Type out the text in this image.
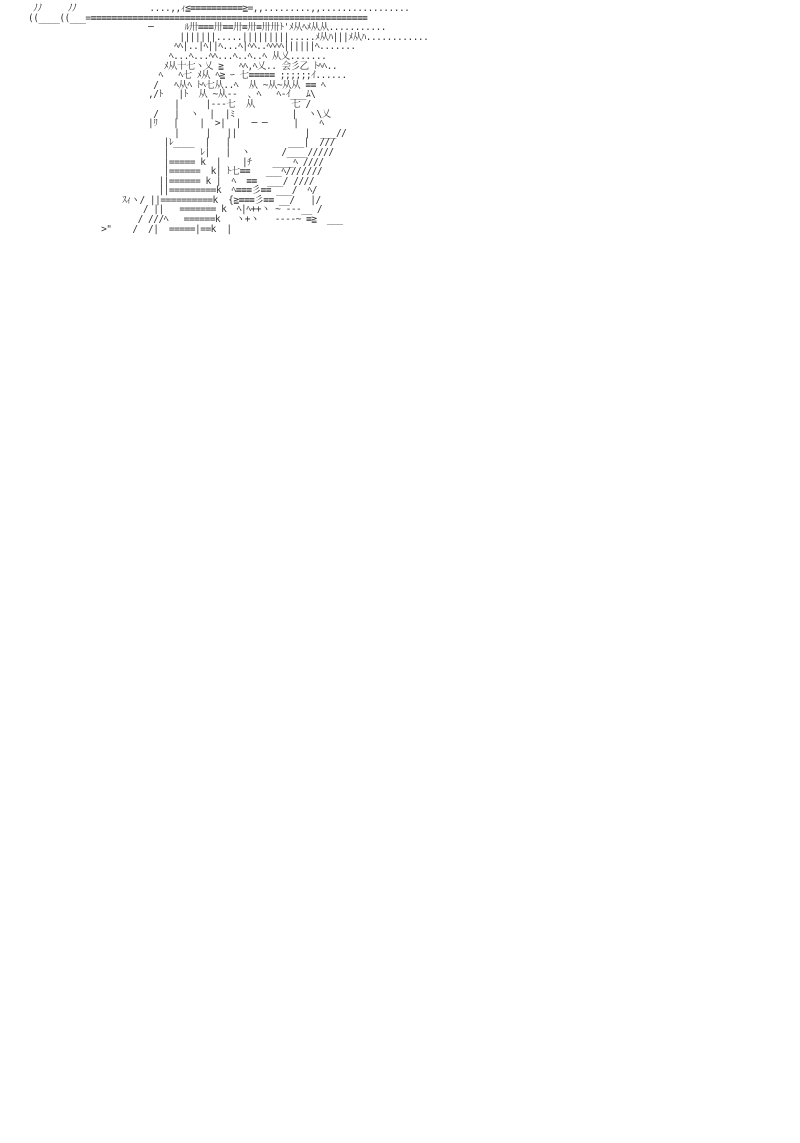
ﾉﾉ     ﾉﾉ              ....,,ｨ≦≡≡≡≡≡≡≡≡≡≡≧=,,.........,,.................
((____((___=≡≡≡≡≡≡≡≡≡≡≡≡≡≡≡≡≡≡≡≡≡≡≡≡≡≡≡≡≡≡≡≡≡≡≡≡≡≡≡≡≡≡≡≡≡≡≡≡≡≡≡≡≡
─      ﾙ卅≡≡≡卅≡≡卅≡卅≡卅卅ﾄ'ﾒ从ﾍﾒ从从...........
|||||||.....|||||||||.....ﾒ从ﾊ|||ﾒ从ﾊ............
ﾍﾍ|..|ﾍ||ﾍ...ﾍ|ﾍﾍ..ﾍﾍﾍﾍ||||||ﾍ.......
ﾍ...ﾍ...ﾍﾍ...ﾍ..ﾍ..ﾍ 从乂.......
ﾒ从十七ヽ乂 ≧   ﾍﾍ,ﾍ乂.. 会彡乙 ﾄﾍﾍ..
ﾍ   ﾍ七 ﾒ从 ﾍ≧ ｰ 七≡≡≡≡≡ ;;;;;;ｲ......
/   ﾍ从ﾍ ﾄﾍ七从..ﾍ  从 ~从~从从 ≡≡ ﾍ
,/ﾄ   |ﾄ  从 ~从--  、ﾍ   ﾍ-ｲ___ﾑ\
|     |---七  从       七 /
/   |  ヽ  |  |ﾐ           |  ヽ\乂
|ﾘ   |    |  >|  |  ─ ─     |    ﾍ
|     |   ||             |  ___//
|ﾚ____  |   |           ___|  ///
|      ﾚ|   |  ヽ      /____/////
|===== k  |    |ﾁ    ____ﾍ ////
|======  k| ﾄ七≡≡   ___ﾍ///////
||====== k |  ﾍ  ≡≡  ___/ ////
||=========k  ﾍ≡≡≡彡≡≡ ___/  ﾍ/
ｽｨヽ/ ||==========k  {≧≡≡≡彡≡≡ __/   |/
/ ||   ======= k  ﾍ|ﾍ++ヽ ~ ---__ /
/ ///ﾍ   ======k   ヽ+ヽ   ----~ ≡≧  ___
>"    /  /|  =====|==k  |
